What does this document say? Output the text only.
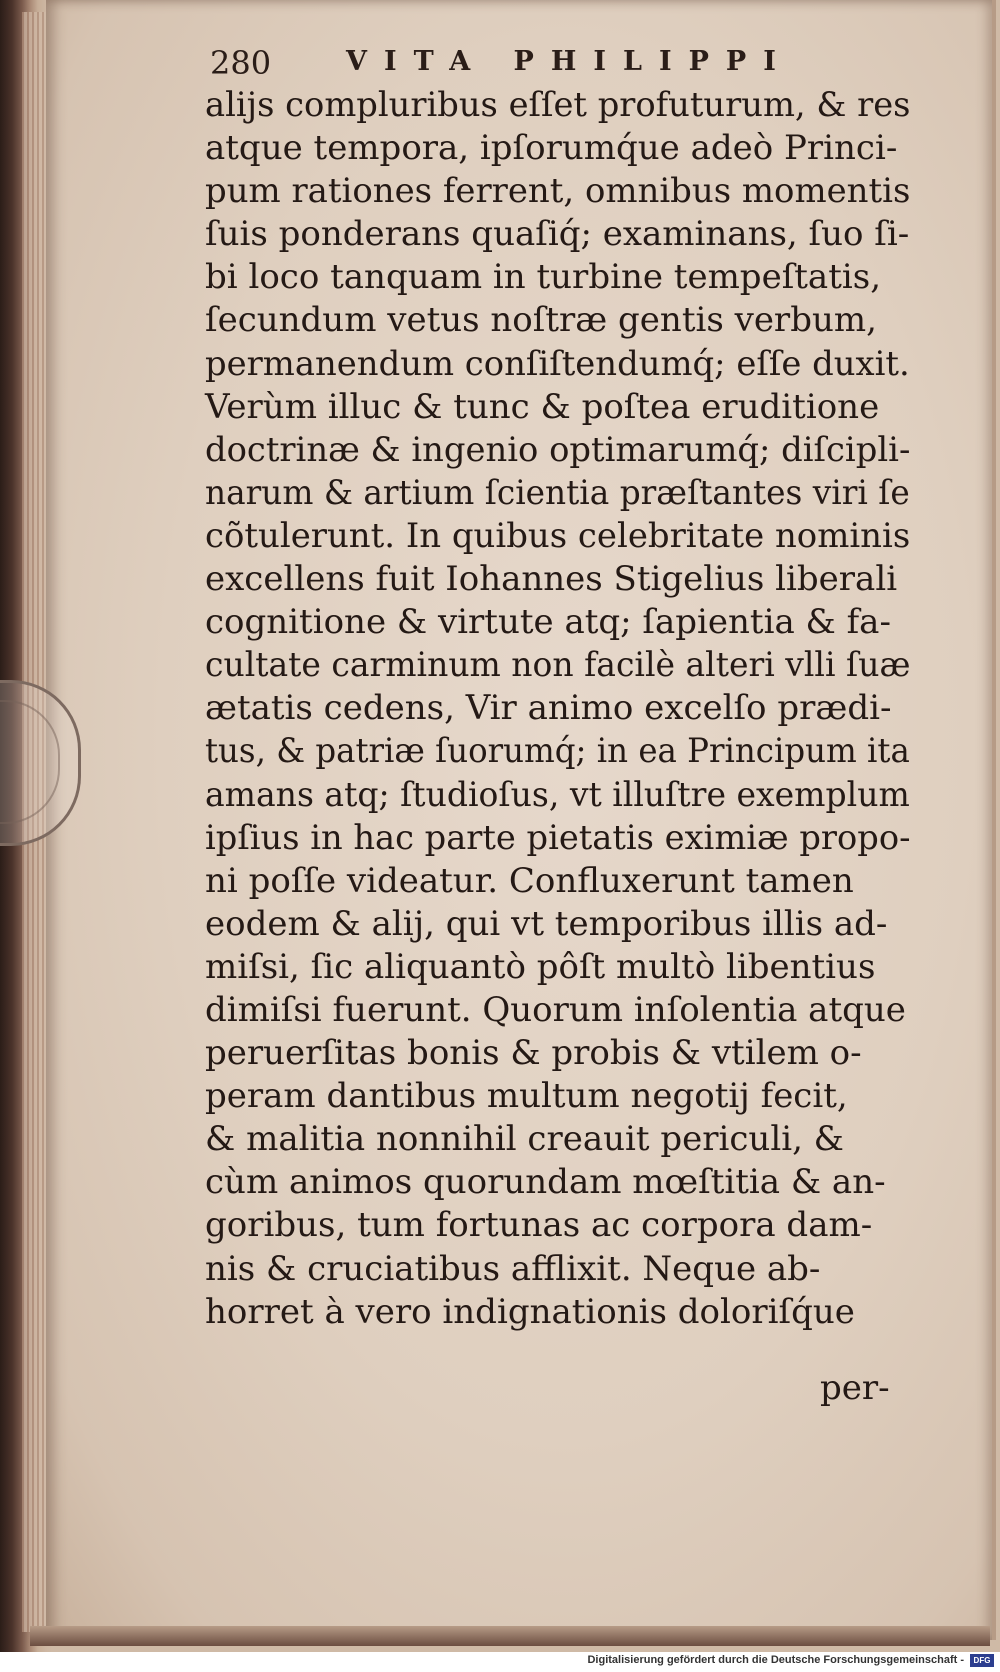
280	VITA PHILIPPI
alijs compluribus eſſet profuturum, & res
atque tempora, ipſorumq́ue adeò Princi-
pum rationes ferrent, omnibus momentis
ſuis ponderans quaſiq́; examinans, ſuo ſi-
bi loco tanquam in turbine tempeſtatis,
ſecundum vetus noſtræ gentis verbum,
permanendum conſiſtendumq́; eſſe duxit.
Verùm illuc & tunc & poſtea eruditione
doctrinæ & ingenio optimarumq́; diſcipli-
narum & artium ſcientia præſtantes viri ſe
cõtulerunt. In quibus celebritate nominis
excellens fuit Iohannes Stigelius liberali
cognitione & virtute atq; ſapientia & fa-
cultate carminum non facilè alteri vlli ſuæ
ætatis cedens, Vir animo excelſo prædi-
tus, & patriæ ſuorumq́; in ea Principum ita
amans atq; ſtudioſus, vt illuſtre exemplum
ipſius in hac parte pietatis eximiæ propo-
ni poſſe videatur. Confluxerunt tamen
eodem & alij, qui vt temporibus illis ad-
miſsi, ſic aliquantò pôſt multò libentius
dimiſsi fuerunt. Quorum inſolentia atque
peruerſitas bonis & probis & vtilem o-
peram dantibus multum negotij fecit,
& malitia nonnihil creauit periculi, &
cùm animos quorundam mœſtitia & an-
goribus, tum fortunas ac corpora dam-
nis & cruciatibus afflixit. Neque ab-
horret à vero indignationis doloriſq́ue
per-
Digitalisierung gefördert durch die Deutsche Forschungsgemeinschaft -	DFG
